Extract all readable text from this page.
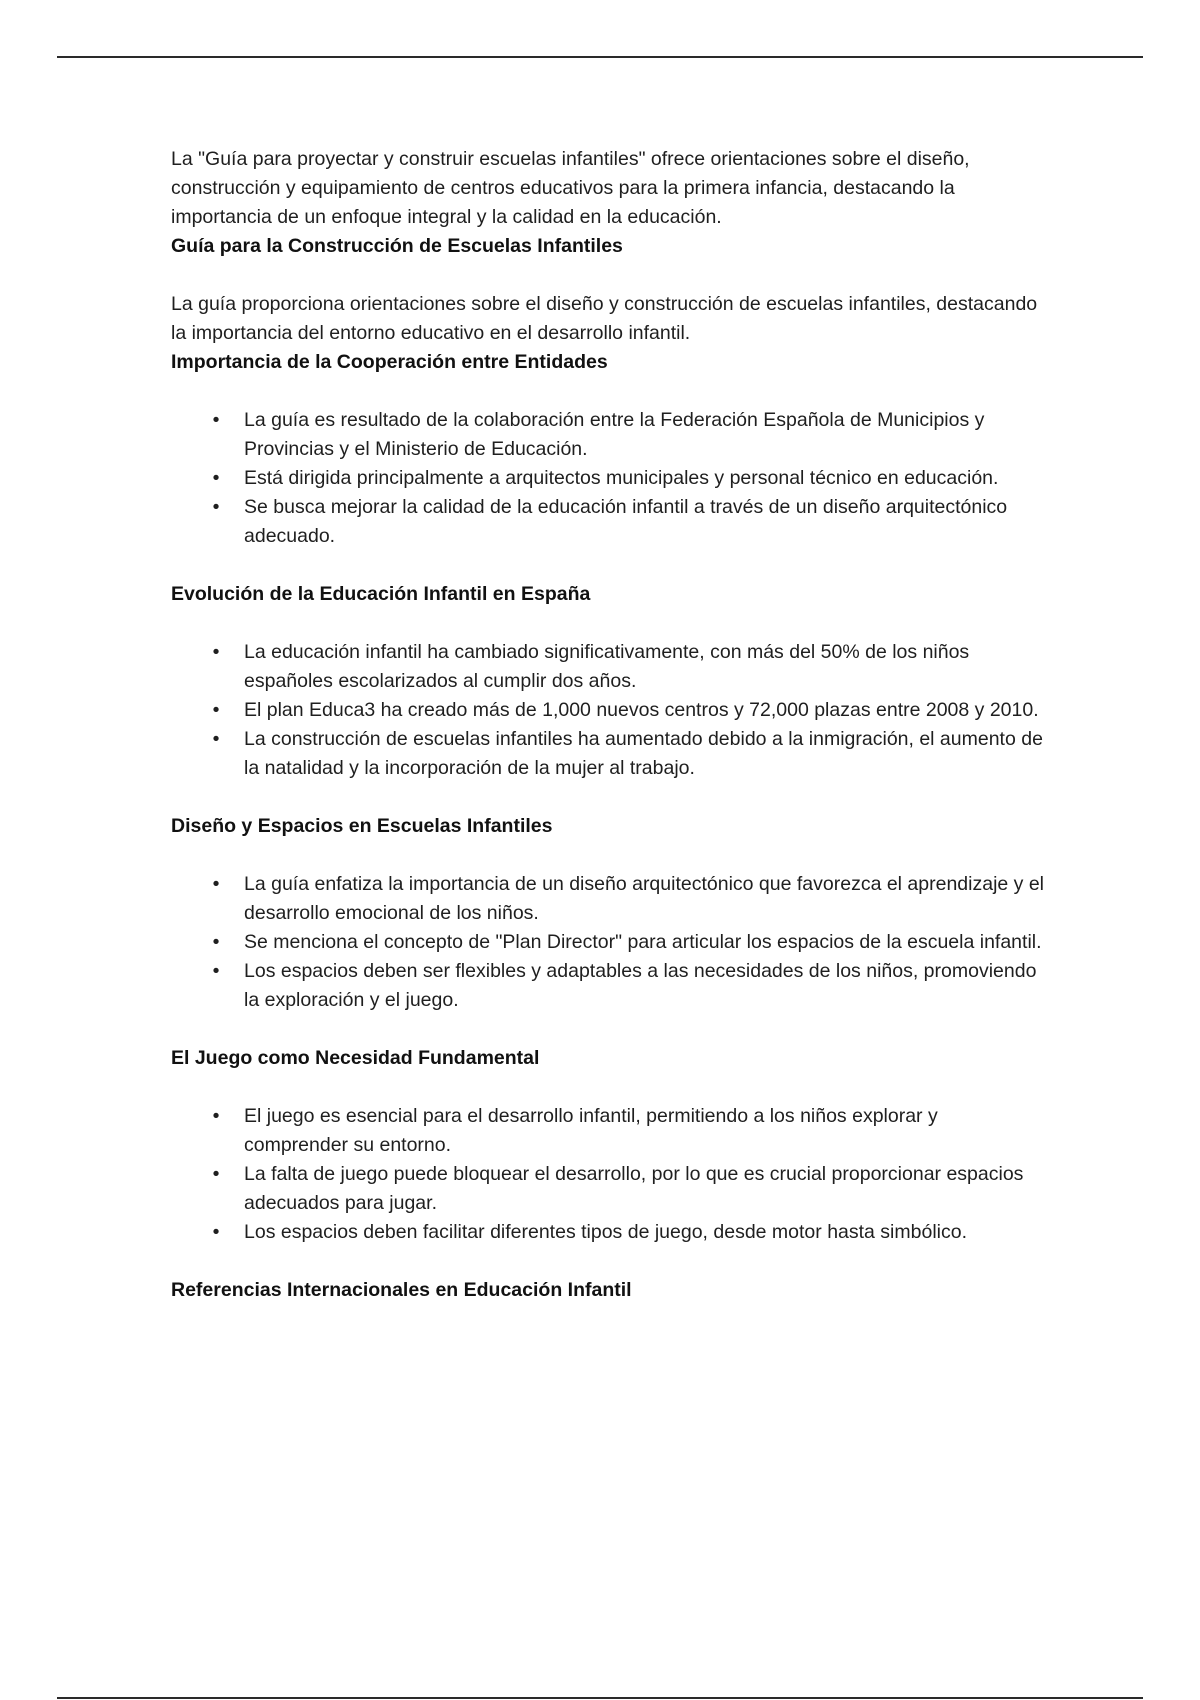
La "Guía para proyectar y construir escuelas infantiles" ofrece orientaciones sobre el diseño, construcción y equipamiento de centros educativos para la primera infancia, destacando la importancia de un enfoque integral y la calidad en la educación.

Guía para la Construcción de Escuelas Infantiles

La guía proporciona orientaciones sobre el diseño y construcción de escuelas infantiles, destacando la importancia del entorno educativo en el desarrollo infantil.

Importancia de la Cooperación entre Entidades
• La guía es resultado de la colaboración entre la Federación Española de Municipios y Provincias y el Ministerio de Educación.
• Está dirigida principalmente a arquitectos municipales y personal técnico en educación.
• Se busca mejorar la calidad de la educación infantil a través de un diseño arquitectónico adecuado.
Evolución de la Educación Infantil en España
• La educación infantil ha cambiado significativamente, con más del 50% de los niños españoles escolarizados al cumplir dos años.
• El plan Educa3 ha creado más de 1,000 nuevos centros y 72,000 plazas entre 2008 y 2010.
• La construcción de escuelas infantiles ha aumentado debido a la inmigración, el aumento de la natalidad y la incorporación de la mujer al trabajo.
Diseño y Espacios en Escuelas Infantiles
• La guía enfatiza la importancia de un diseño arquitectónico que favorezca el aprendizaje y el desarrollo emocional de los niños.
• Se menciona el concepto de "Plan Director" para articular los espacios de la escuela infantil.
• Los espacios deben ser flexibles y adaptables a las necesidades de los niños, promoviendo la exploración y el juego.
El Juego como Necesidad Fundamental
• El juego es esencial para el desarrollo infantil, permitiendo a los niños explorar y comprender su entorno.
• La falta de juego puede bloquear el desarrollo, por lo que es crucial proporcionar espacios adecuados para jugar.
• Los espacios deben facilitar diferentes tipos de juego, desde motor hasta simbólico.
Referencias Internacionales en Educación Infantil
